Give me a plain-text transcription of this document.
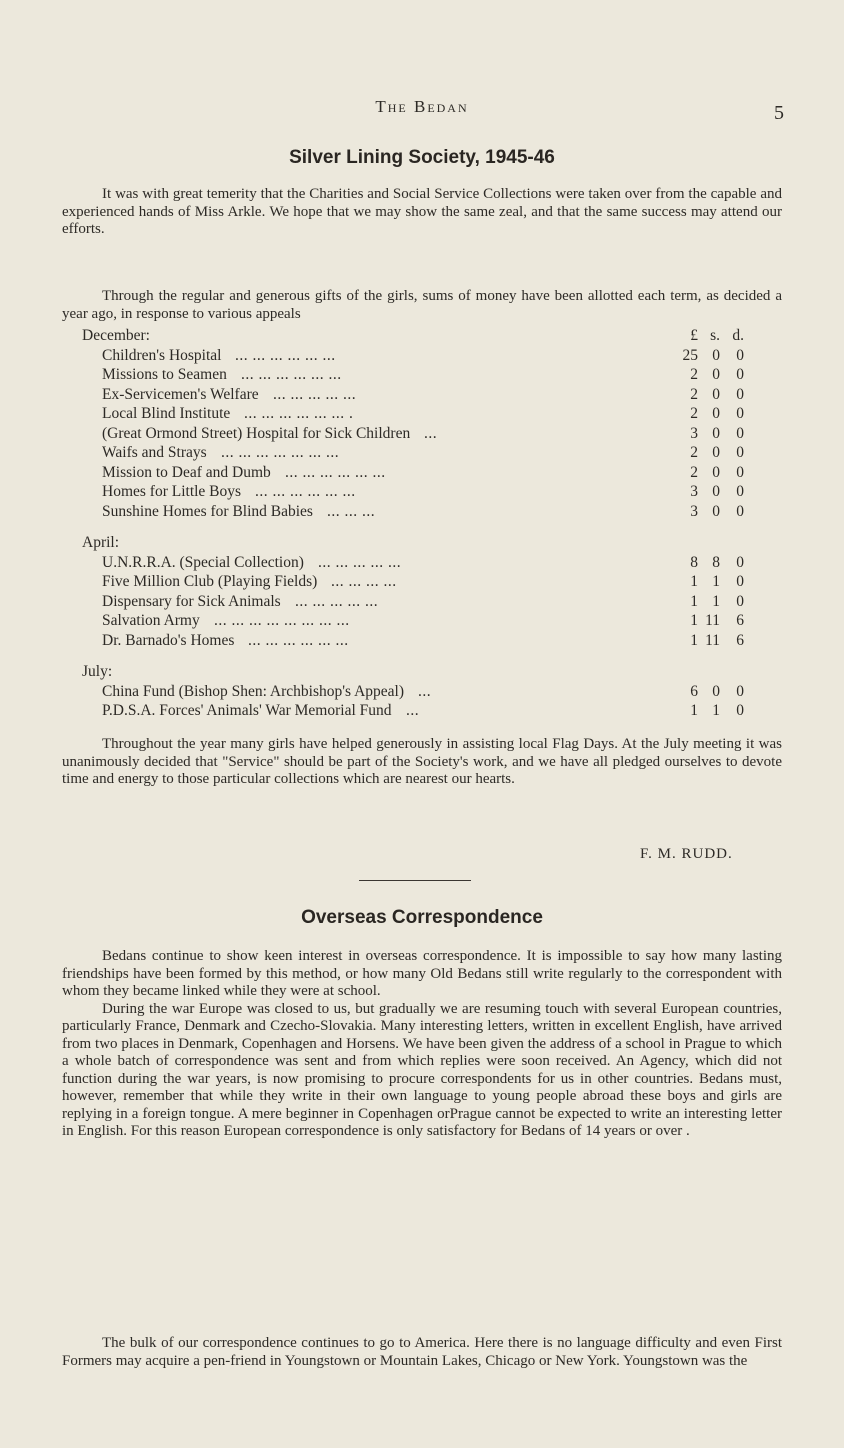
The Bedan	5
Silver Lining Society, 1945-46

It was with great temerity that the Charities and Social Service Collections were taken over from the capable and experienced hands of Miss Arkle. We hope that we may show the same zeal, and that the same success may attend our efforts.

Through the regular and generous gifts of the girls, sums of money have been allotted each term, as decided a year ago, in response to various appeals

December:	£ s. d.
Children's Hospital ... ... ... ... ... ...	25 0	0
Missions to Seamen ... ... ... ... ... ...	2 0	0
Ex-Servicemen's Welfare ... ... ... ... ...	2 0	0
Local Blind Institute ... ... ... ... ... ... .	2 0	0
(Great Ormond Street) Hospital for Sick Children ...	3 0	0
Waifs and Strays ... ... ... ... ... ... ...	2 0	0
Mission to Deaf and Dumb ... ... ... ... ... ...	2 0	0
Homes for Little Boys ... ... ... ... ... ...	3 0	0
Sunshine Homes for Blind Babies ... ... ...	3 0	0
April:
U.N.R.R.A. (Special Collection) ... ... ... ... ...	8 8	0
Five Million Club (Playing Fields) ... ... ... ...	1 1	0
Dispensary for Sick Animals ... ... ... ... ...	1 1	0
Salvation Army ... ... ... ... ... ... ... ...	1 11	6
Dr. Barnado's Homes ... ... ... ... ... ...	1 11	6
July:
China Fund (Bishop Shen: Archbishop's Appeal) ...	6 0	0
P.D.S.A. Forces' Animals' War Memorial Fund ...	1 1	0

Throughout the year many girls have helped generously in assisting local Flag Days. At the July meeting it was unanimously decided that "Service" should be part of the Society's work, and we have all pledged ourselves to devote time and energy to those particular collections which are nearest our hearts.

F. M. RUDD.
Overseas Correspondence

Bedans continue to show keen interest in overseas correspondence. It is impossible to say how many lasting friendships have been formed by this method, or how many Old Bedans still write regularly to the correspondent with whom they became linked while they were at school.

During the war Europe was closed to us, but gradually we are resuming touch with several European countries, particularly France, Denmark and Czecho-Slovakia. Many interesting letters, written in excellent English, have arrived from two places in Denmark, Copenhagen and Horsens. We have been given the address of a school in Prague to which a whole batch of correspondence was sent and from which replies were soon received. An Agency, which did not function during the war years, is now promising to procure correspondents for us in other countries. Bedans must, however, remember that while they write in their own language to young people abroad these boys and girls are replying in a foreign tongue. A mere beginner in Copenhagen orPrague cannot be expected to write an interesting letter in English. For this reason European correspondence is only satisfactory for Bedans of 14 years or over .

The bulk of our correspondence continues to go to America. Here there is no language difficulty and even First Formers may acquire a pen-friend in Youngstown or Mountain Lakes, Chicago or New York. Youngstown was the
